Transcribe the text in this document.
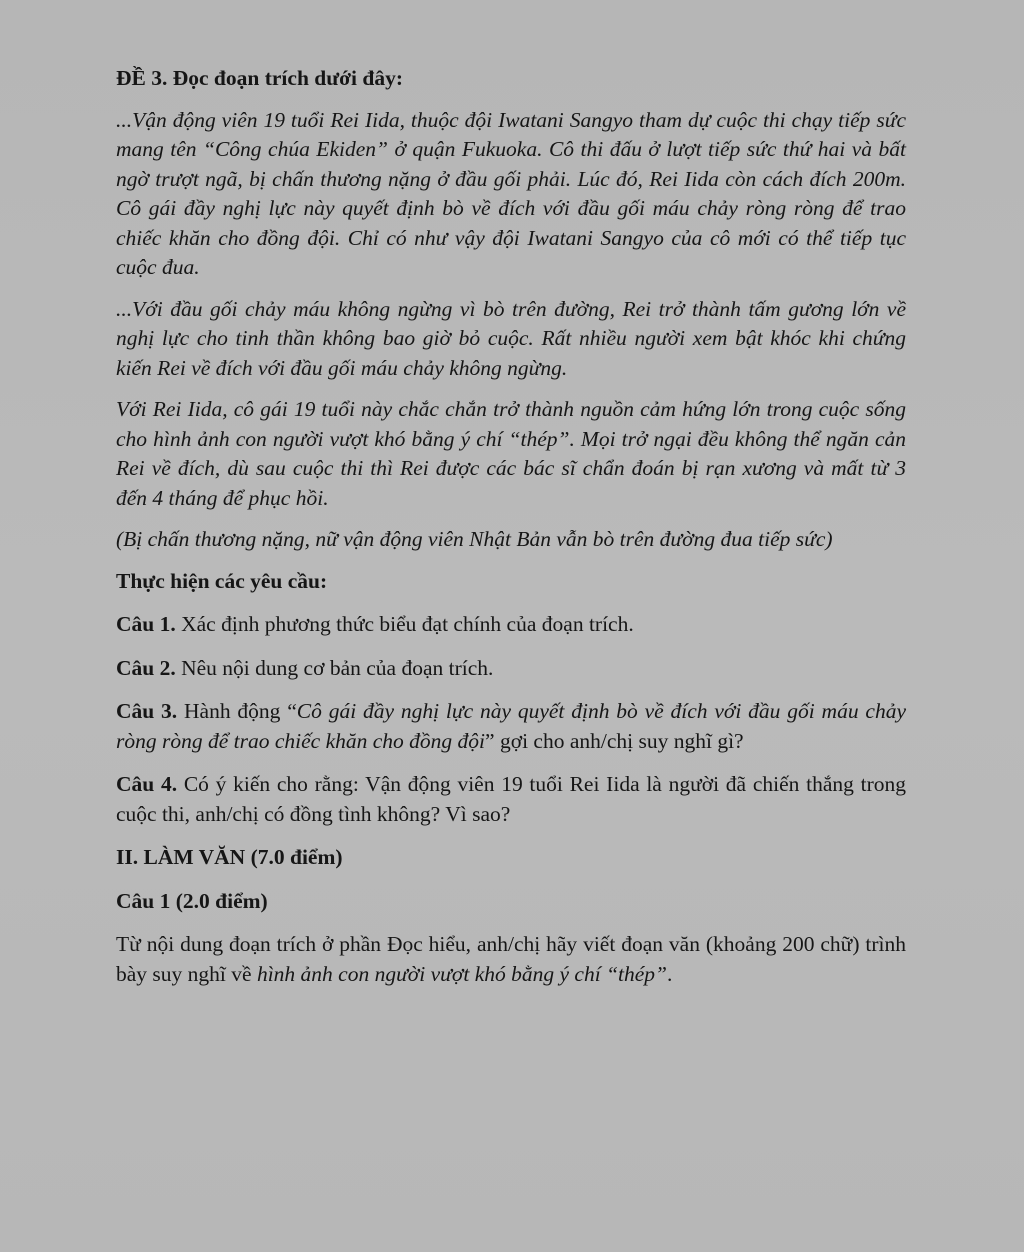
ĐỀ 3. Đọc đoạn trích dưới đây:

...Vận động viên 19 tuổi Rei Iida, thuộc đội Iwatani Sangyo tham dự cuộc thi chạy tiếp sức mang tên “Công chúa Ekiden” ở quận Fukuoka. Cô thi đấu ở lượt tiếp sức thứ hai và bất ngờ trượt ngã, bị chấn thương nặng ở đầu gối phải. Lúc đó, Rei Iida còn cách đích 200m. Cô gái đầy nghị lực này quyết định bò về đích với đầu gối máu chảy ròng ròng để trao chiếc khăn cho đồng đội. Chỉ có như vậy đội Iwatani Sangyo của cô mới có thể tiếp tục cuộc đua.

...Với đầu gối chảy máu không ngừng vì bò trên đường, Rei trở thành tấm gương lớn về nghị lực cho tinh thần không bao giờ bỏ cuộc. Rất nhiều người xem bật khóc khi chứng kiến Rei về đích với đầu gối máu chảy không ngừng.

Với Rei Iida, cô gái 19 tuổi này chắc chắn trở thành nguồn cảm hứng lớn trong cuộc sống cho hình ảnh con người vượt khó bằng ý chí “thép”. Mọi trở ngại đều không thể ngăn cản Rei về đích, dù sau cuộc thi thì Rei được các bác sĩ chẩn đoán bị rạn xương và mất từ 3 đến 4 tháng để phục hồi.

(Bị chấn thương nặng, nữ vận động viên Nhật Bản vẫn bò trên đường đua tiếp sức)

Thực hiện các yêu cầu:

Câu 1. Xác định phương thức biểu đạt chính của đoạn trích.

Câu 2. Nêu nội dung cơ bản của đoạn trích.

Câu 3. Hành động “Cô gái đầy nghị lực này quyết định bò về đích với đầu gối máu chảy ròng ròng để trao chiếc khăn cho đồng đội” gợi cho anh/chị suy nghĩ gì?

Câu 4. Có ý kiến cho rằng: Vận động viên 19 tuổi Rei Iida là người đã chiến thắng trong cuộc thi, anh/chị có đồng tình không? Vì sao?

II. LÀM VĂN (7.0 điểm)

Câu 1 (2.0 điểm)

Từ nội dung đoạn trích ở phần Đọc hiểu, anh/chị hãy viết đoạn văn (khoảng 200 chữ) trình bày suy nghĩ về hình ảnh con người vượt khó bằng ý chí “thép”.
